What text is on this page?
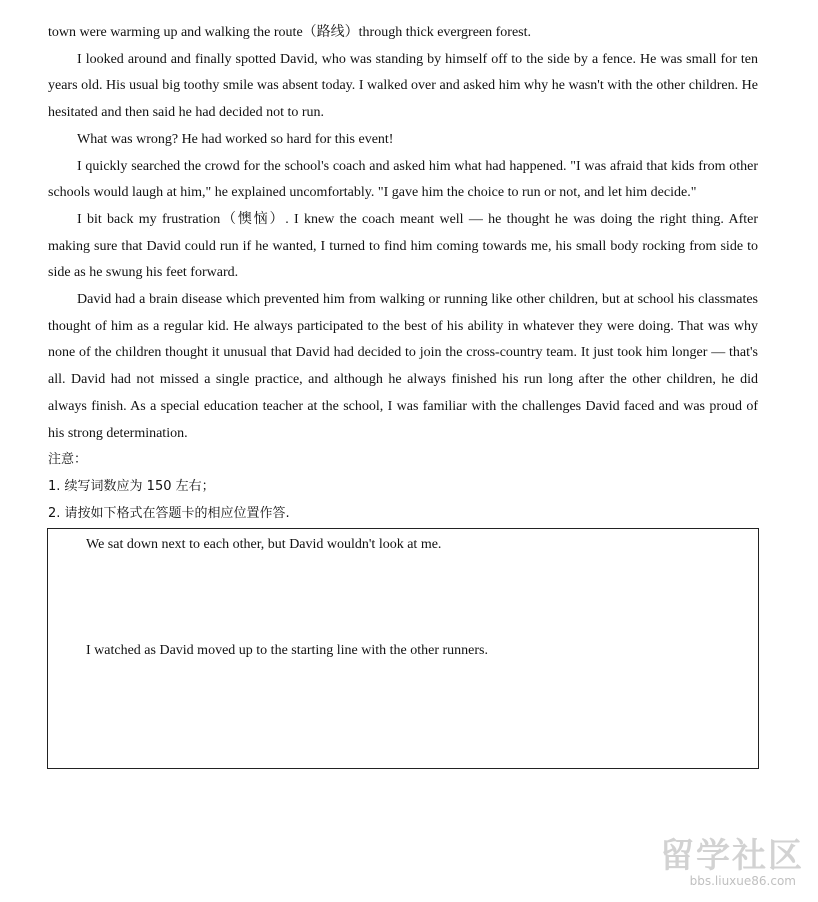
town were warming up and walking the route（路线）through thick evergreen forest.

I looked around and finally spotted David, who was standing by himself off to the side by a fence. He was small for ten years old. His usual big toothy smile was absent today. I walked over and asked him why he wasn't with the other children. He hesitated and then said he had decided not to run.

What was wrong? He had worked so hard for this event!

I quickly searched the crowd for the school's coach and asked him what had happened. "I was afraid that kids from other schools would laugh at him," he explained uncomfortably. "I gave him the choice to run or not, and let him decide."

I bit back my frustration（懊恼）. I knew the coach meant well — he thought he was doing the right thing. After making sure that David could run if he wanted, I turned to find him coming towards me, his small body rocking from side to side as he swung his feet forward.

David had a brain disease which prevented him from walking or running like other children, but at school his classmates thought of him as a regular kid. He always participated to the best of his ability in whatever they were doing. That was why none of the children thought it unusual that David had decided to join the cross-country team. It just took him longer — that's all. David had not missed a single practice, and although he always finished his run long after the other children, he did always finish. As a special education teacher at the school, I was familiar with the challenges David faced and was proud of his strong determination.

注意：
1. 续写词数应为 150 左右；
2. 请按如下格式在答题卡的相应位置作答.

We sat down next to each other, but David wouldn't look at me.

I watched as David moved up to the starting line with the other runners.

留学社区
bbs.liuxue86.com
